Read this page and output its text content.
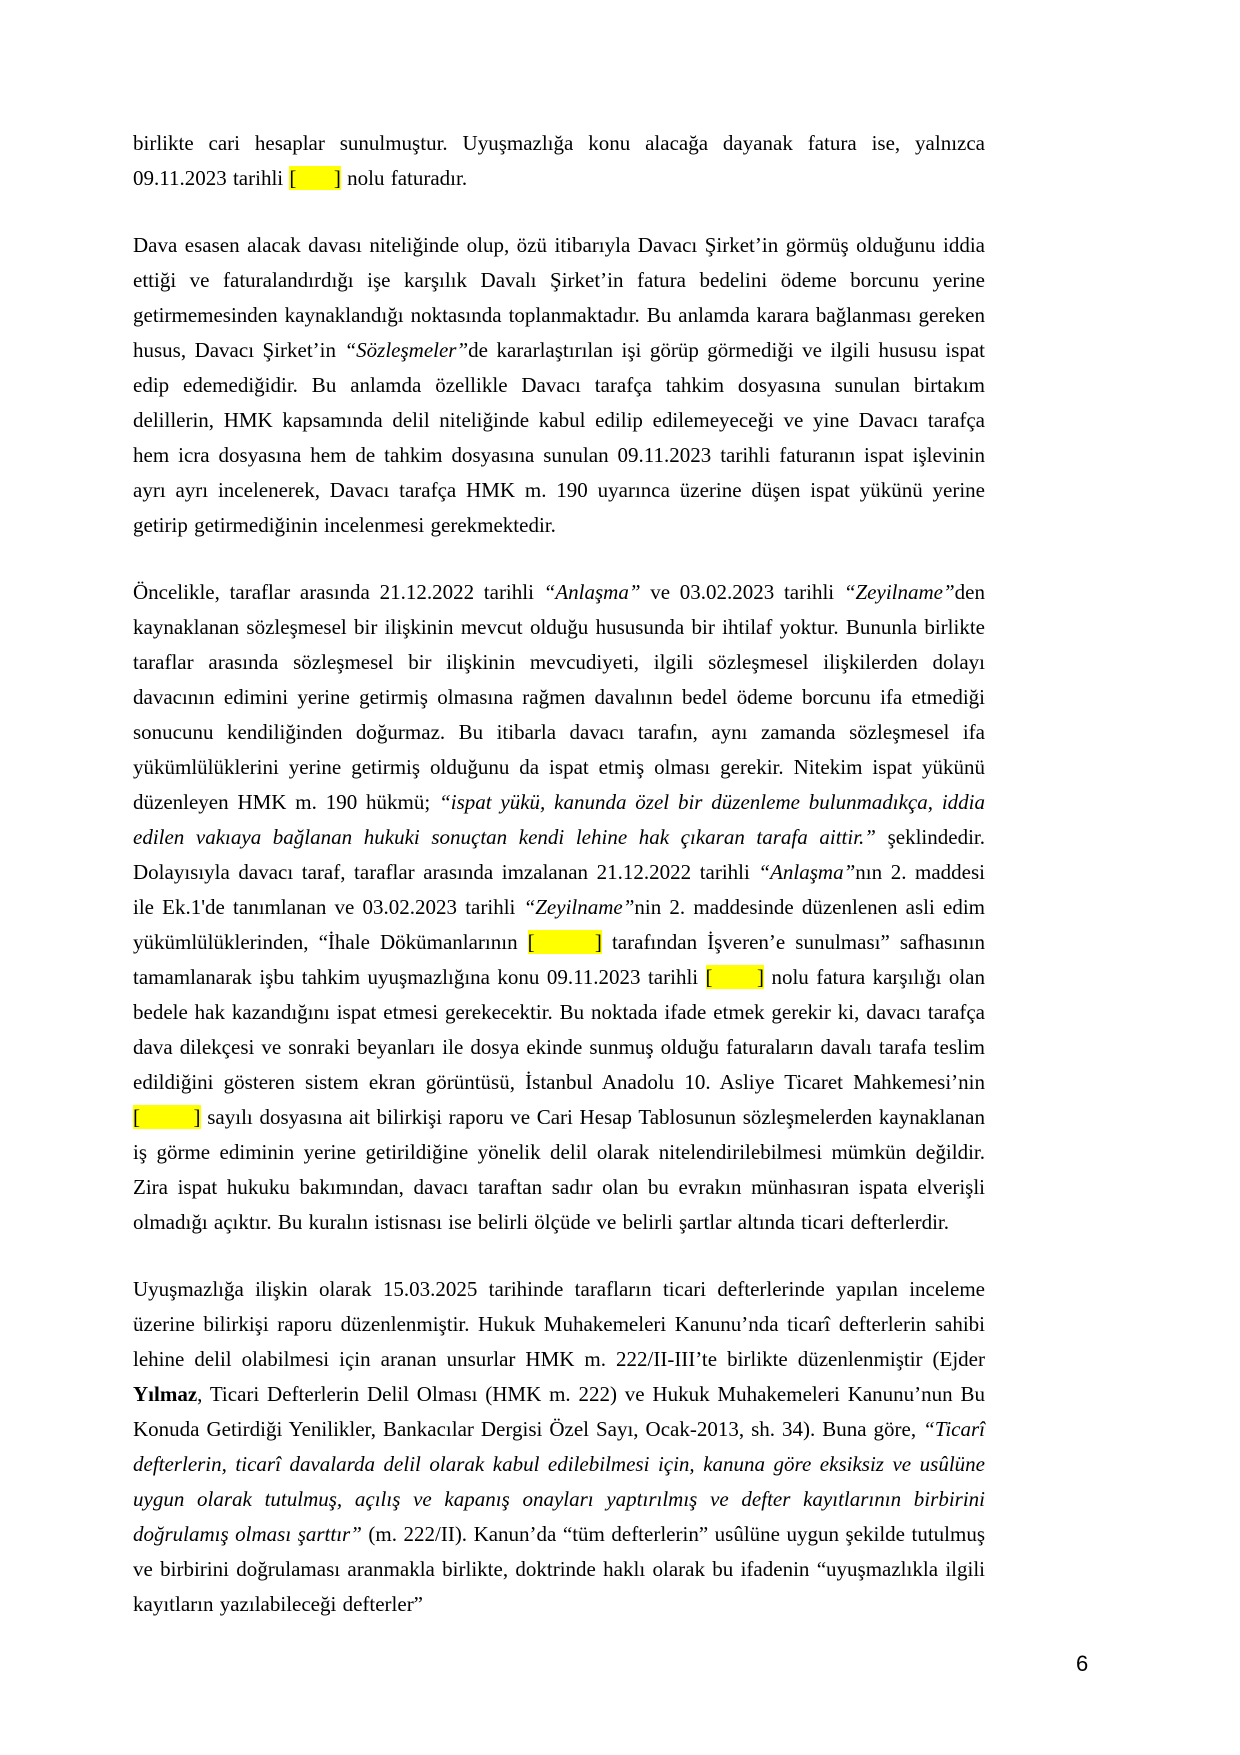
birlikte cari hesaplar sunulmuştur. Uyuşmazlığa konu alacağa dayanak fatura ise, yalnızca 09.11.2023 tarihli [      ] nolu faturadır.

Dava esasen alacak davası niteliğinde olup, özü itibarıyla Davacı Şirket’in görmüş olduğunu iddia ettiği ve faturalandırdığı işe karşılık Davalı Şirket’in fatura bedelini ödeme borcunu yerine getirmemesinden kaynaklandığı noktasında toplanmaktadır. Bu anlamda karara bağlanması gereken husus, Davacı Şirket’in “Sözleşmeler”de kararlaştırılan işi görüp görmediği ve ilgili hususu ispat edip edemediğidir. Bu anlamda özellikle Davacı tarafça tahkim dosyasına sunulan birtakım delillerin, HMK kapsamında delil niteliğinde kabul edilip edilemeyeceği ve yine Davacı tarafça hem icra dosyasına hem de tahkim dosyasına sunulan 09.11.2023 tarihli faturanın ispat işlevinin ayrı ayrı incelenerek, Davacı tarafça HMK m. 190 uyarınca üzerine düşen ispat yükünü yerine getirip getirmediğinin incelenmesi gerekmektedir.

Öncelikle, taraflar arasında 21.12.2022 tarihli “Anlaşma” ve 03.02.2023 tarihli “Zeyilname”den kaynaklanan sözleşmesel bir ilişkinin mevcut olduğu hususunda bir ihtilaf yoktur. Bununla birlikte taraflar arasında sözleşmesel bir ilişkinin mevcudiyeti, ilgili sözleşmesel ilişkilerden dolayı davacının edimini yerine getirmiş olmasına rağmen davalının bedel ödeme borcunu ifa etmediği sonucunu kendiliğinden doğurmaz. Bu itibarla davacı tarafın, aynı zamanda sözleşmesel ifa yükümlülüklerini yerine getirmiş olduğunu da ispat etmiş olması gerekir. Nitekim ispat yükünü düzenleyen HMK m. 190 hükmü; “ispat yükü, kanunda özel bir düzenleme bulunmadıkça, iddia edilen vakıaya bağlanan hukuki sonuçtan kendi lehine hak çıkaran tarafa aittir.” şeklindedir. Dolayısıyla davacı taraf, taraflar arasında imzalanan 21.12.2022 tarihli “Anlaşma”nın 2. maddesi ile Ek.1'de tanımlanan ve 03.02.2023 tarihli “Zeyilname”nin 2. maddesinde düzenlenen asli edim yükümlülüklerinden, “İhale Dökümanlarının [      ] tarafından İşveren’e sunulması” safhasının tamamlanarak işbu tahkim uyuşmazlığına konu 09.11.2023 tarihli [      ] nolu fatura karşılığı olan bedele hak kazandığını ispat etmesi gerekecektir. Bu noktada ifade etmek gerekir ki, davacı tarafça dava dilekçesi ve sonraki beyanları ile dosya ekinde sunmuş olduğu faturaların davalı tarafa teslim edildiğini gösteren sistem ekran görüntüsü, İstanbul Anadolu 10. Asliye Ticaret Mahkemesi’nin [        ] sayılı dosyasına ait bilirkişi raporu ve Cari Hesap Tablosunun sözleşmelerden kaynaklanan iş görme ediminin yerine getirildiğine yönelik delil olarak nitelendirilebilmesi mümkün değildir. Zira ispat hukuku bakımından, davacı taraftan sadır olan bu evrakın münhasıran ispata elverişli olmadığı açıktır. Bu kuralın istisnası ise belirli ölçüde ve belirli şartlar altında ticari defterlerdir.

Uyuşmazlığa ilişkin olarak 15.03.2025 tarihinde tarafların ticari defterlerinde yapılan inceleme üzerine bilirkişi raporu düzenlenmiştir. Hukuk Muhakemeleri Kanunu’nda ticarî defterlerin sahibi lehine delil olabilmesi için aranan unsurlar HMK m. 222/II-III’te birlikte düzenlenmiştir (Ejder Yılmaz, Ticari Defterlerin Delil Olması (HMK m. 222) ve Hukuk Muhakemeleri Kanunu’nun Bu Konuda Getirdiği Yenilikler, Bankacılar Dergisi Özel Sayı, Ocak-2013, sh. 34). Buna göre, “Ticarî defterlerin, ticarî davalarda delil olarak kabul edilebilmesi için, kanuna göre eksiksiz ve usûlüne uygun olarak tutulmuş, açılış ve kapanış onayları yaptırılmış ve defter kayıtlarının birbirini doğrulamış olması şarttır” (m. 222/II). Kanun’da “tüm defterlerin” usûlüne uygun şekilde tutulmuş ve birbirini doğrulaması aranmakla birlikte, doktrinde haklı olarak bu ifadenin “uyuşmazlıkla ilgili kayıtların yazılabileceği defterler”

6
